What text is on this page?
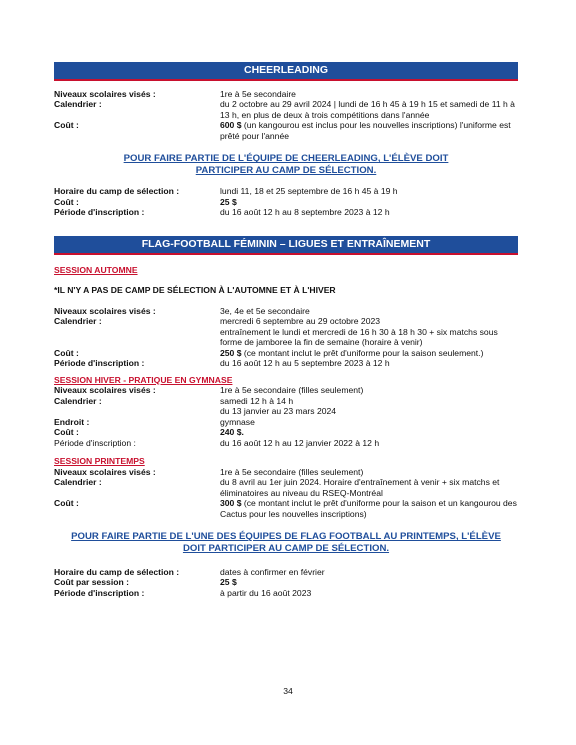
CHEERLEADING
Niveaux scolaires visés :	1re à 5e secondaire
Calendrier :	du 2 octobre au 29 avril 2024 | lundi de 16 h 45 à 19 h 15 et samedi de 11 h à 13 h, en plus de deux à trois compétitions dans l'année
Coût :	600 $ (un kangourou est inclus pour les nouvelles inscriptions) l'uniforme est prêté pour l'année
POUR FAIRE PARTIE DE L'ÉQUIPE DE CHEERLEADING, L'ÉLÈVE DOIT PARTICIPER AU CAMP DE SÉLECTION.
Horaire du camp de sélection :	lundi 11, 18 et 25 septembre de 16 h 45 à 19 h
Coût :	25 $
Période d'inscription :	du 16 août 12 h au 8 septembre 2023 à 12 h
FLAG-FOOTBALL FÉMININ – LIGUES ET ENTRAÎNEMENT
SESSION AUTOMNE
*IL N'Y A PAS DE CAMP DE SÉLECTION À L'AUTOMNE ET À L'HIVER
Niveaux scolaires visés :	3e, 4e et 5e secondaire
Calendrier :	mercredi 6 septembre au 29 octobre 2023
entraînement le lundi et mercredi de 16 h 30 à 18 h 30 + six matchs sous forme de jamboree la fin de semaine (horaire à venir)
Coût :	250 $ (ce montant inclut le prêt d'uniforme pour la saison seulement.)
Période d'inscription :	du 16 août 12 h au 5 septembre 2023 à 12 h
SESSION HIVER - PRATIQUE EN GYMNASE
Niveaux scolaires visés :	1re à 5e secondaire (filles seulement)
Calendrier :	samedi 12 h à 14 h
du 13 janvier au 23 mars 2024
Endroit :	gymnase
Coût :	240 $.
Période d'inscription :	du 16 août 12 h au 12 janvier 2022 à 12 h
SESSION PRINTEMPS
Niveaux scolaires visés :	1re à 5e secondaire (filles seulement)
Calendrier :	du 8 avril au 1er juin 2024. Horaire d'entraînement à venir + six matchs et éliminatoires au niveau du RSEQ-Montréal
Coût :	300 $ (ce montant inclut le prêt d'uniforme pour la saison et un kangourou des Cactus pour les nouvelles inscriptions)
POUR FAIRE PARTIE DE L'UNE DES ÉQUIPES DE FLAG FOOTBALL AU PRINTEMPS, L'ÉLÈVE DOIT PARTICIPER AU CAMP DE SÉLECTION.
Horaire du camp de sélection :	dates à confirmer en février
Coût par session :	25 $
Période d'inscription :	à partir du 16 août 2023
34
